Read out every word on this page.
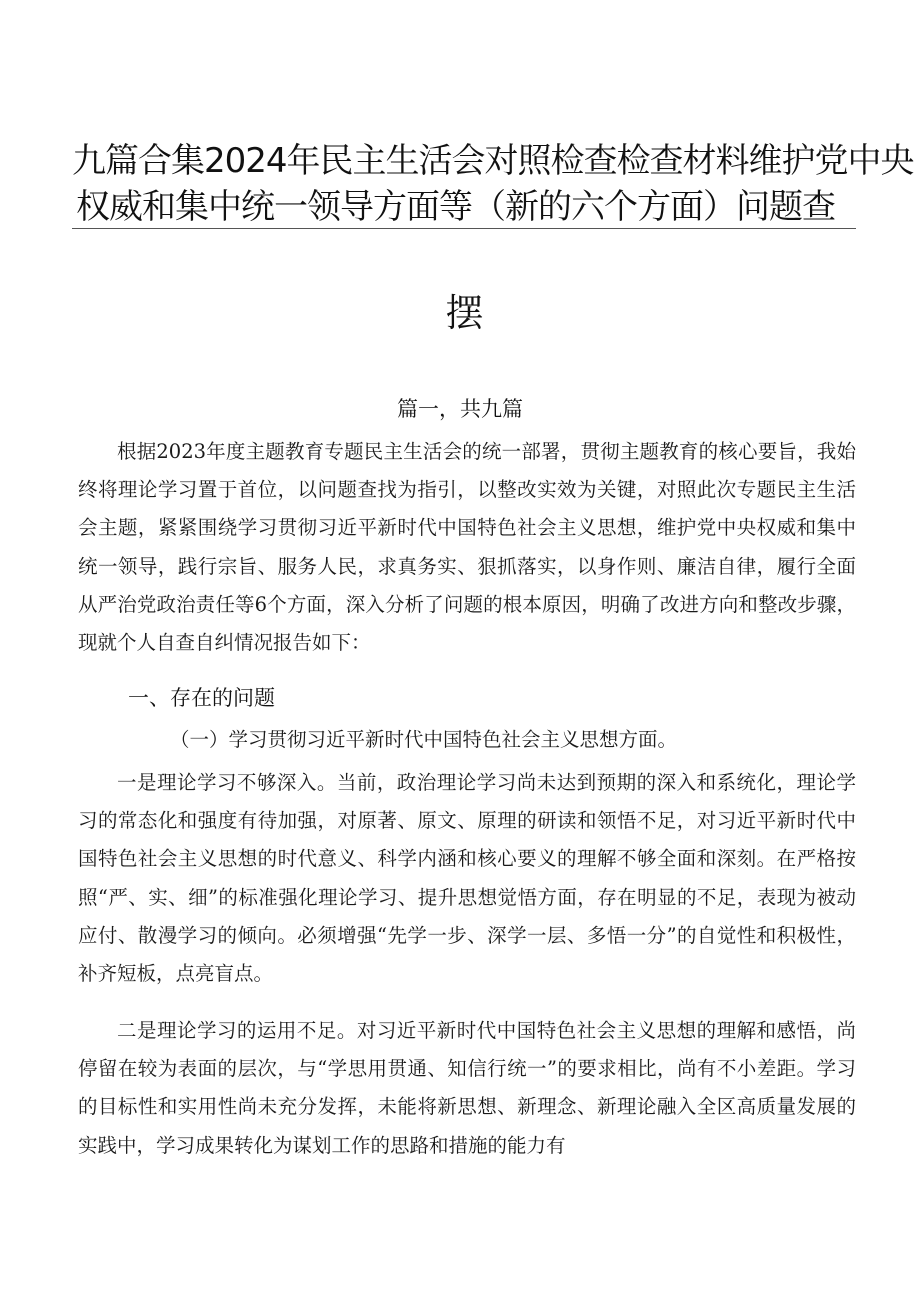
九篇合集2024年民主生活会对照检查检查材料维护党中央
权威和集中统一领导方面等（新的六个方面）问题查
摆
篇一，共九篇

根据2023年度主题教育专题民主生活会的统一部署，贯彻主题教育的核心要旨，我始终将理论学习置于首位，以问题查找为指引，以整改实效为关键，对照此次专题民主生活会主题，紧紧围绕学习贯彻习近平新时代中国特色社会主义思想，维护党中央权威和集中统一领导，践行宗旨、服务人民，求真务实、狠抓落实，以身作则、廉洁自律，履行全面从严治党政治责任等6个方面，深入分析了问题的根本原因，明确了改进方向和整改步骤，现就个人自查自纠情况报告如下：

一、存在的问题
（一）学习贯彻习近平新时代中国特色社会主义思想方面。

一是理论学习不够深入。当前，政治理论学习尚未达到预期的深入和系统化，理论学习的常态化和强度有待加强，对原著、原文、原理的研读和领悟不足，对习近平新时代中国特色社会主义思想的时代意义、科学内涵和核心要义的理解不够全面和深刻。在严格按照“严、实、细”的标准强化理论学习、提升思想觉悟方面，存在明显的不足，表现为被动应付、散漫学习的倾向。必须增强“先学一步、深学一层、多悟一分”的自觉性和积极性，补齐短板，点亮盲点。

二是理论学习的运用不足。对习近平新时代中国特色社会主义思想的理解和感悟，尚停留在较为表面的层次，与“学思用贯通、知信行统一”的要求相比，尚有不小差距。学习的目标性和实用性尚未充分发挥，未能将新思想、新理念、新理论融入全区高质量发展的实践中，学习成果转化为谋划工作的思路和措施的能力有
